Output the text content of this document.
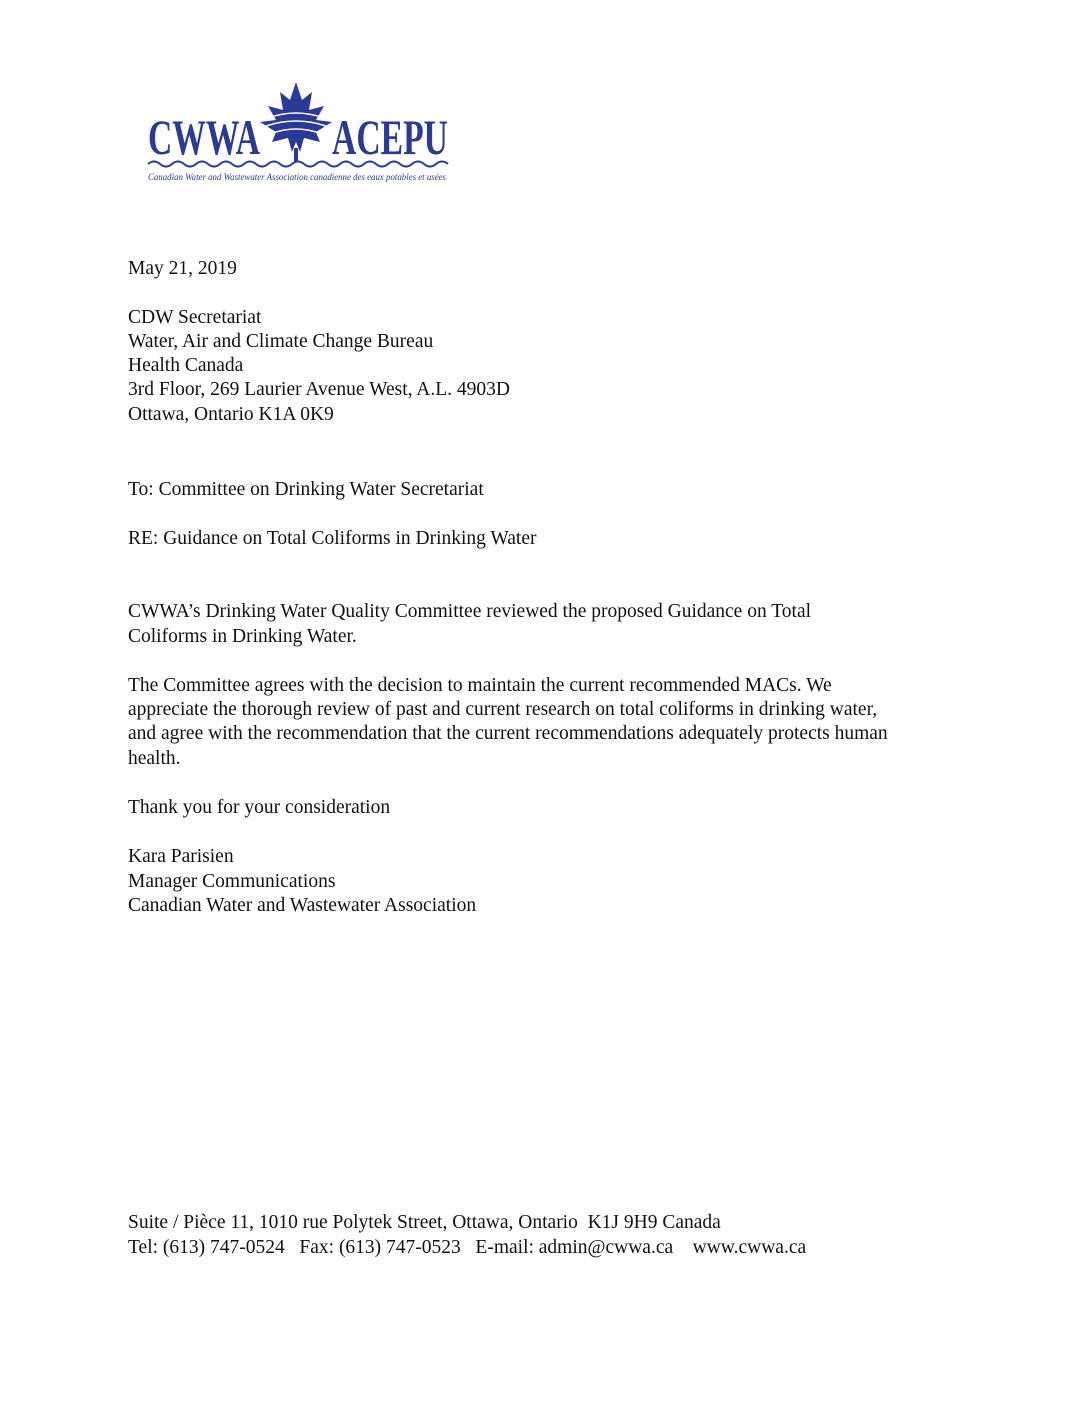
CWWA ACEPU
Canadian Water and Wastewater Association canadienne des eaux potables et usées
May 21, 2019
CDW Secretariat
Water, Air and Climate Change Bureau
Health Canada
3rd Floor, 269 Laurier Avenue West, A.L. 4903D
Ottawa, Ontario K1A 0K9
To: Committee on Drinking Water Secretariat
RE: Guidance on Total Coliforms in Drinking Water
CWWA’s Drinking Water Quality Committee reviewed the proposed Guidance on Total
Coliforms in Drinking Water.
The Committee agrees with the decision to maintain the current recommended MACs. We
appreciate the thorough review of past and current research on total coliforms in drinking water,
and agree with the recommendation that the current recommendations adequately protects human
health.
Thank you for your consideration
Kara Parisien
Manager Communications
Canadian Water and Wastewater Association
Suite / Pièce 11, 1010 rue Polytek Street, Ottawa, Ontario  K1J 9H9 Canada
Tel: (613) 747-0524   Fax: (613) 747-0523   E-mail: admin@cwwa.ca    www.cwwa.ca
